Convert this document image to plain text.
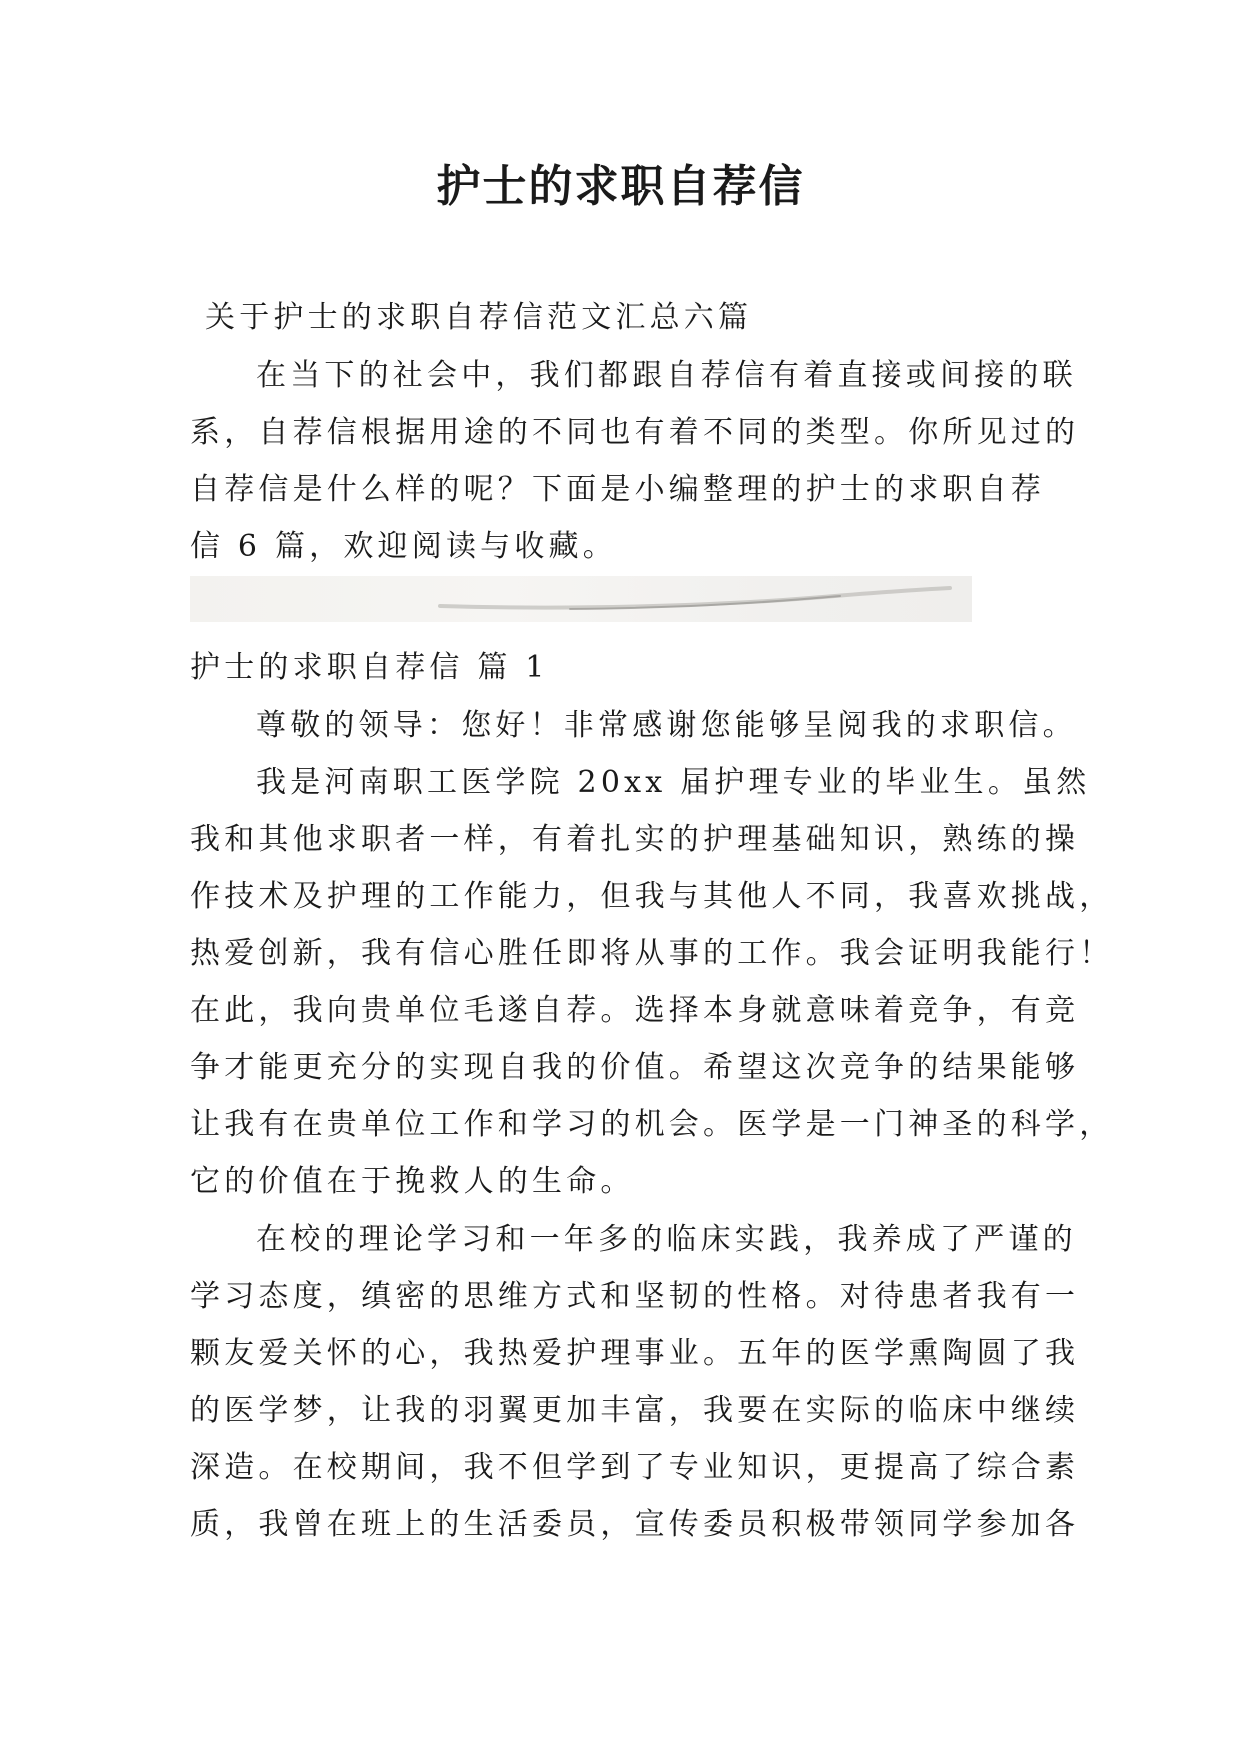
护士的求职自荐信
关于护士的求职自荐信范文汇总六篇
在当下的社会中，我们都跟自荐信有着直接或间接的联
系，自荐信根据用途的不同也有着不同的类型。你所见过的
自荐信是什么样的呢？下面是小编整理的护士的求职自荐
信 6 篇，欢迎阅读与收藏。
护士的求职自荐信 篇 1
尊敬的领导：您好！非常感谢您能够呈阅我的求职信。
我是河南职工医学院 20xx 届护理专业的毕业生。虽然
我和其他求职者一样，有着扎实的护理基础知识，熟练的操
作技术及护理的工作能力，但我与其他人不同，我喜欢挑战，
热爱创新，我有信心胜任即将从事的工作。我会证明我能行！
在此，我向贵单位毛遂自荐。选择本身就意味着竞争，有竞
争才能更充分的实现自我的价值。希望这次竞争的结果能够
让我有在贵单位工作和学习的机会。医学是一门神圣的科学，
它的价值在于挽救人的生命。
在校的理论学习和一年多的临床实践，我养成了严谨的
学习态度，缜密的思维方式和坚韧的性格。对待患者我有一
颗友爱关怀的心，我热爱护理事业。五年的医学熏陶圆了我
的医学梦，让我的羽翼更加丰富，我要在实际的临床中继续
深造。在校期间，我不但学到了专业知识，更提高了综合素
质，我曾在班上的生活委员，宣传委员积极带领同学参加各
